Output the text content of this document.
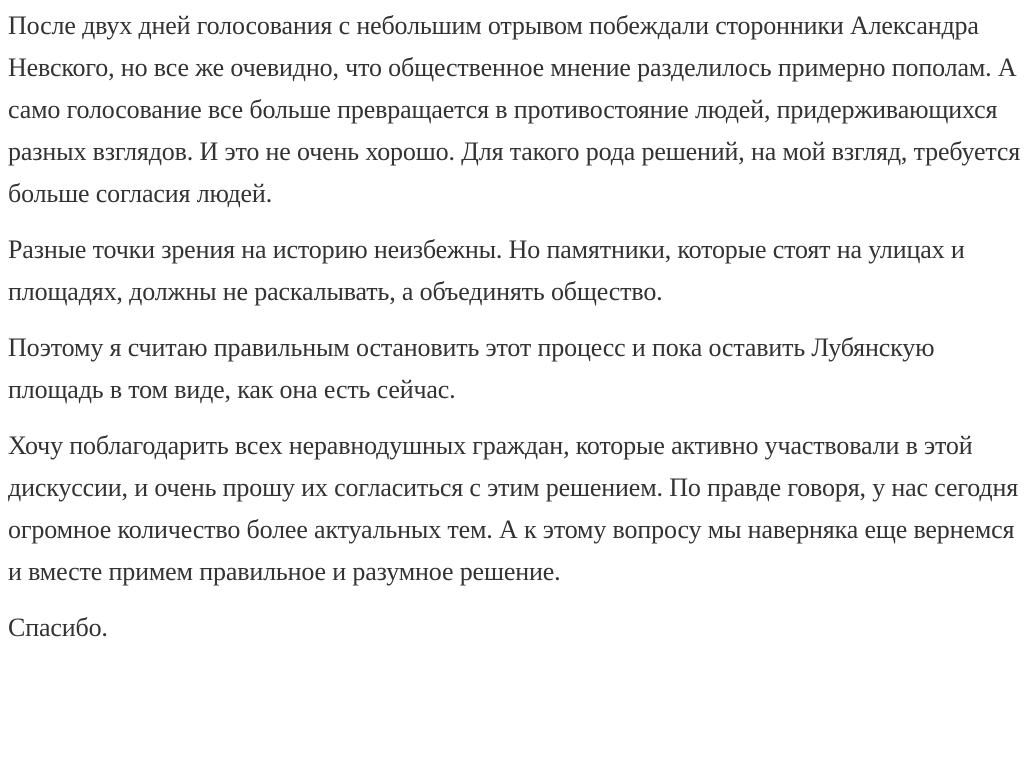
После двух дней голосования с небольшим отрывом побеждали сторонники Александра Невского, но все же очевидно, что общественное мнение разделилось примерно пополам. А само голосование все больше превращается в противостояние людей, придерживающихся разных взглядов. И это не очень хорошо. Для такого рода решений, на мой взгляд, требуется больше согласия людей.

Разные точки зрения на историю неизбежны. Но памятники, которые стоят на улицах и площадях, должны не раскалывать, а объединять общество.

Поэтому я считаю правильным остановить этот процесс и пока оставить Лубянскую площадь в том виде, как она есть сейчас.

Хочу поблагодарить всех неравнодушных граждан, которые активно участвовали в этой дискуссии, и очень прошу их согласиться с этим решением. По правде говоря, у нас сегодня огромное количество более актуальных тем. А к этому вопросу мы наверняка еще вернемся и вместе примем правильное и разумное решение.

Спасибо.
